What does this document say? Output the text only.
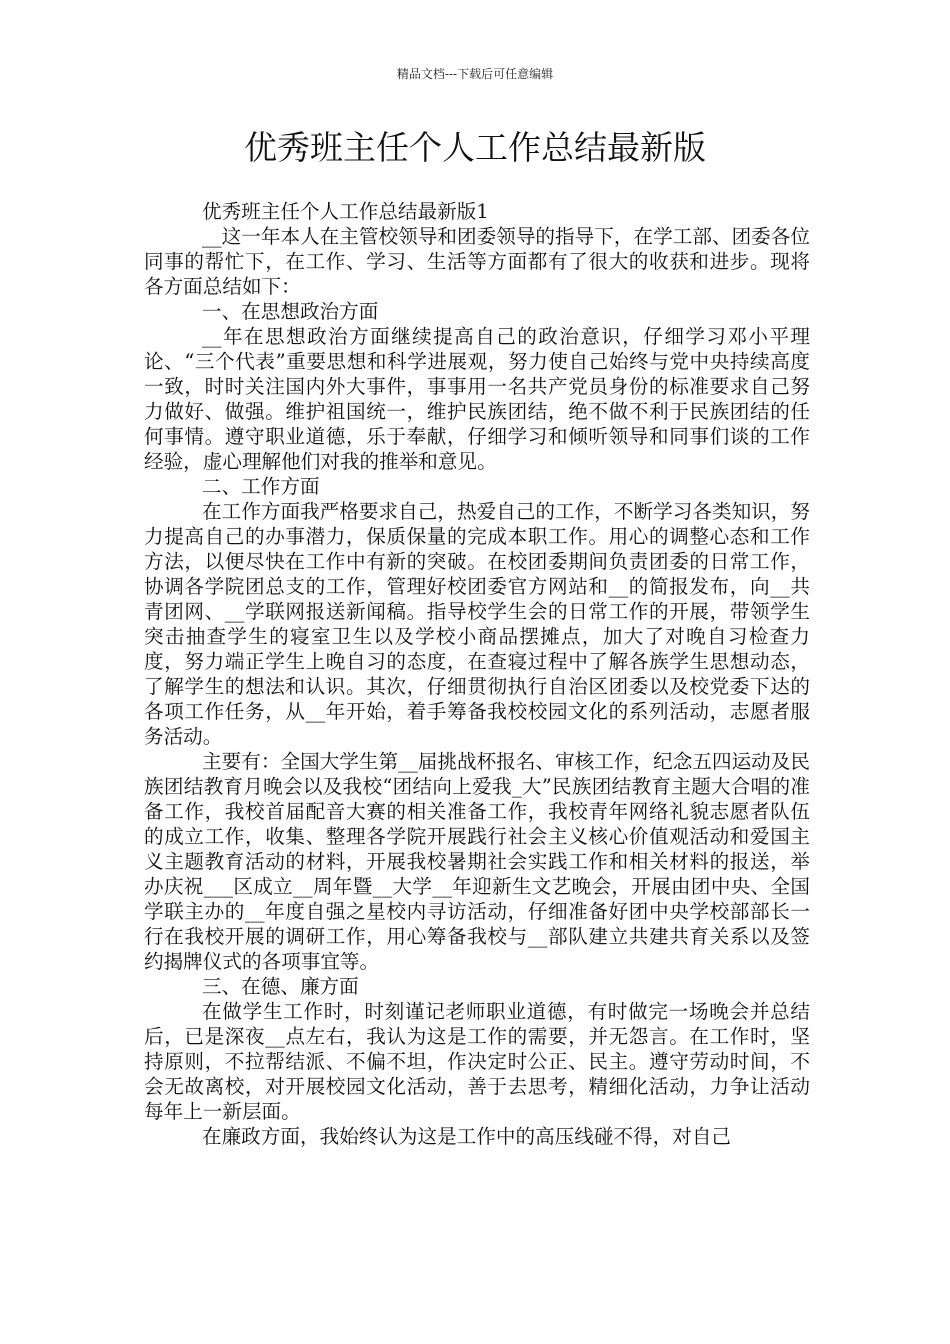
精品文档---下载后可任意编辑
优秀班主任个人工作总结最新版

优秀班主任个人工作总结最新版1

__这一年本人在主管校领导和团委领导的指导下，在学工部、团委各位同事的帮忙下，在工作、学习、生活等方面都有了很大的收获和进步。现将各方面总结如下：

一、在思想政治方面

__年在思想政治方面继续提高自己的政治意识，仔细学习邓小平理论、“三个代表”重要思想和科学进展观，努力使自己始终与党中央持续高度一致，时时关注国内外大事件，事事用一名共产党员身份的标准要求自己努力做好、做强。维护祖国统一，维护民族团结，绝不做不利于民族团结的任何事情。遵守职业道德，乐于奉献，仔细学习和倾听领导和同事们谈的工作经验，虚心理解他们对我的推举和意见。

二、工作方面

在工作方面我严格要求自己，热爱自己的工作，不断学习各类知识，努力提高自己的办事潜力，保质保量的完成本职工作。用心的调整心态和工作方法，以便尽快在工作中有新的突破。在校团委期间负责团委的日常工作，协调各学院团总支的工作，管理好校团委官方网站和__的简报发布，向__共青团网、__学联网报送新闻稿。指导校学生会的日常工作的开展，带领学生突击抽查学生的寝室卫生以及学校小商品摆摊点，加大了对晚自习检查力度，努力端正学生上晚自习的态度，在查寝过程中了解各族学生思想动态，了解学生的想法和认识。其次，仔细贯彻执行自治区团委以及校党委下达的各项工作任务，从__年开始，着手筹备我校校园文化的系列活动，志愿者服务活动。

主要有：全国大学生第__届挑战杯报名、审核工作，纪念五四运动及民族团结教育月晚会以及我校“团结向上爱我_大”民族团结教育主题大合唱的准备工作，我校首届配音大赛的相关准备工作，我校青年网络礼貌志愿者队伍的成立工作，收集、整理各学院开展践行社会主义核心价值观活动和爱国主义主题教育活动的材料，开展我校暑期社会实践工作和相关材料的报送，举办庆祝___区成立__周年暨__大学__年迎新生文艺晚会，开展由团中央、全国学联主办的__年度自强之星校内寻访活动，仔细准备好团中央学校部部长一行在我校开展的调研工作，用心筹备我校与__部队建立共建共育关系以及签约揭牌仪式的各项事宜等。

三、在德、廉方面

在做学生工作时，时刻谨记老师职业道德，有时做完一场晚会并总结后，已是深夜__点左右，我认为这是工作的需要，并无怨言。在工作时，坚持原则，不拉帮结派、不偏不坦，作决定时公正、民主。遵守劳动时间，不会无故离校，对开展校园文化活动，善于去思考，精细化活动，力争让活动每年上一新层面。

在廉政方面，我始终认为这是工作中的高压线碰不得，对自己
